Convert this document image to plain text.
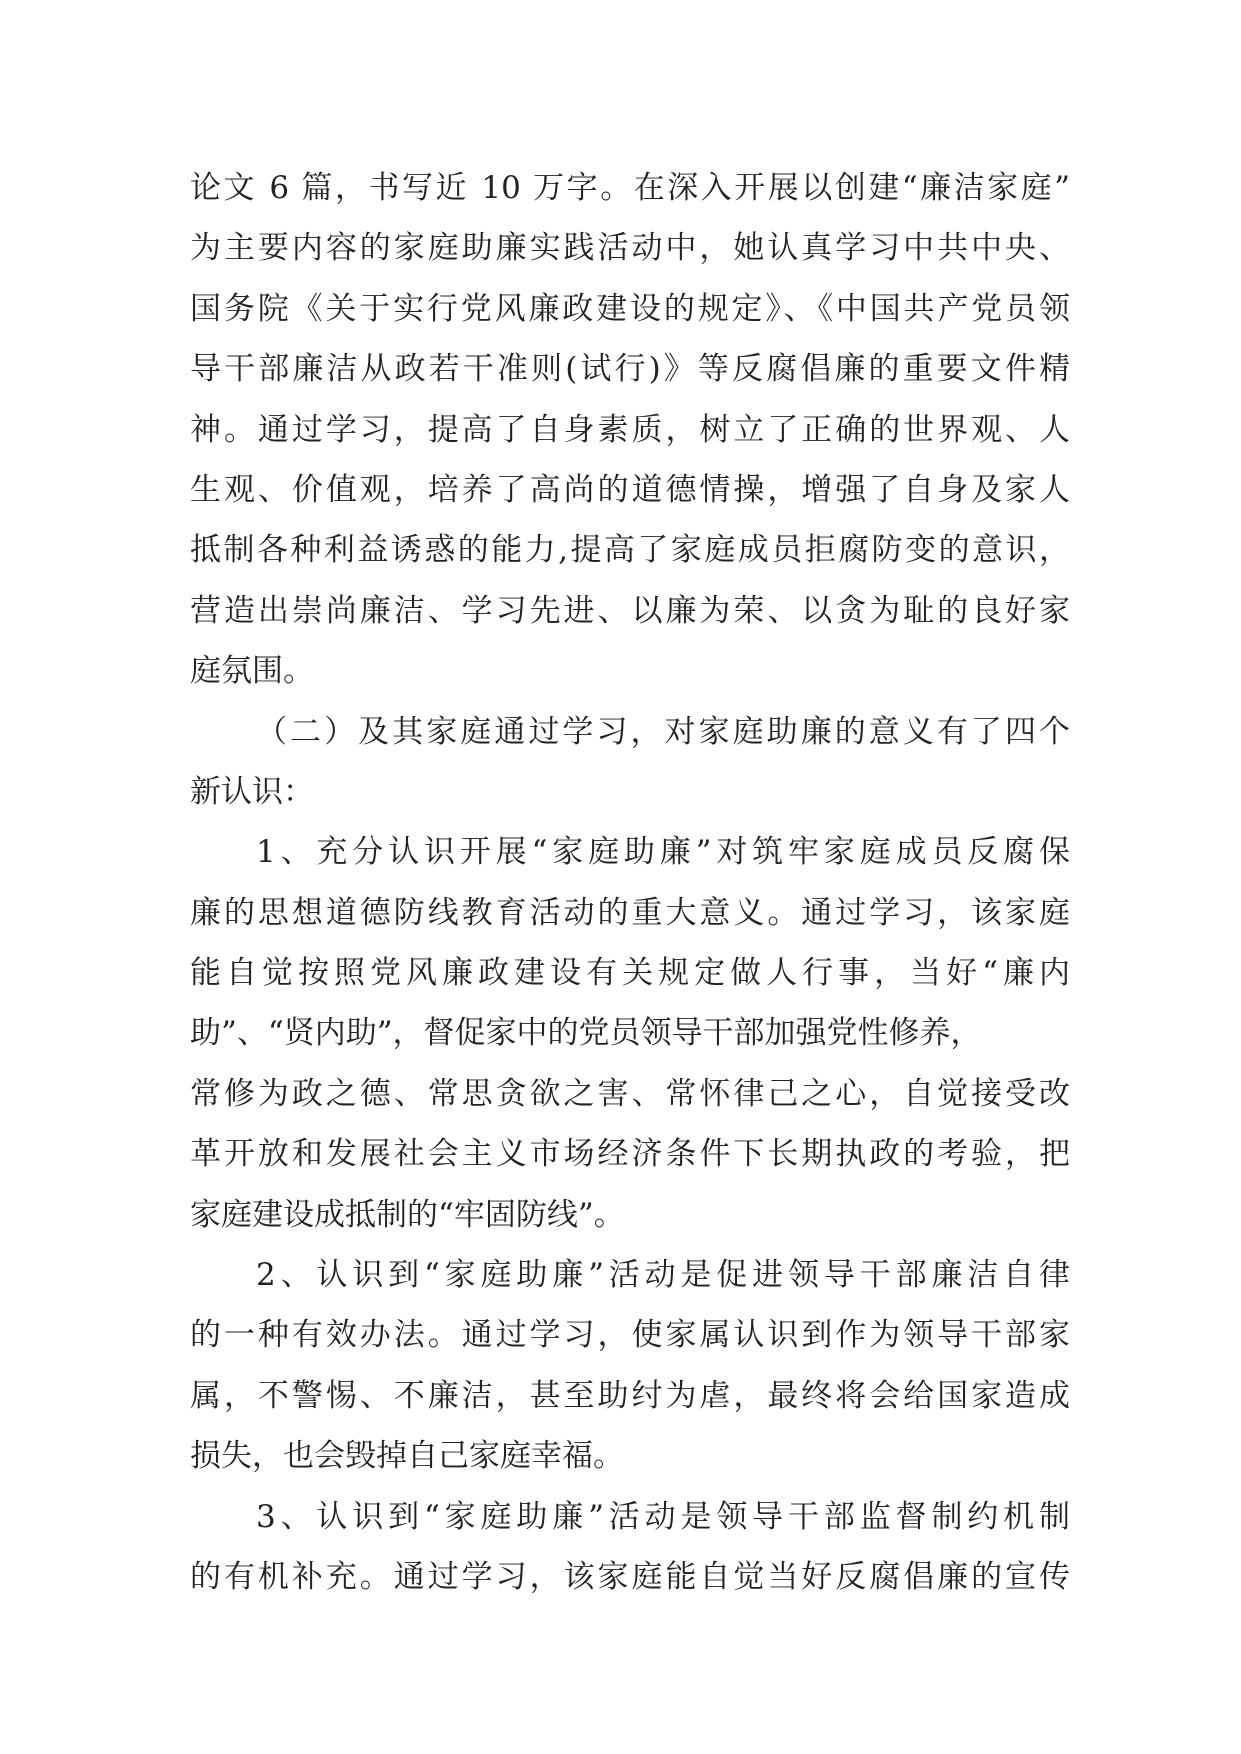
论文 6 篇，书写近 10 万字。在深入开展以创建“廉洁家庭”
为主要内容的家庭助廉实践活动中，她认真学习中共中央、
国务院《关于实行党风廉政建设的规定》、《中国共产党员领
导干部廉洁从政若干准则(试行)》等反腐倡廉的重要文件精
神。通过学习，提高了自身素质，树立了正确的世界观、人
生观、价值观，培养了高尚的道德情操，增强了自身及家人
抵制各种利益诱惑的能力,提高了家庭成员拒腐防变的意识，
营造出崇尚廉洁、学习先进、以廉为荣、以贪为耻的良好家
庭氛围。
（二）及其家庭通过学习，对家庭助廉的意义有了四个
新认识：
1、充分认识开展“家庭助廉”对筑牢家庭成员反腐保
廉的思想道德防线教育活动的重大意义。通过学习，该家庭
能自觉按照党风廉政建设有关规定做人行事，当好“廉内
助”、“贤内助”，督促家中的党员领导干部加强党性修养，
常修为政之德、常思贪欲之害、常怀律己之心，自觉接受改
革开放和发展社会主义市场经济条件下长期执政的考验，把
家庭建设成抵制的“牢固防线”。
2、认识到“家庭助廉”活动是促进领导干部廉洁自律
的一种有效办法。通过学习，使家属认识到作为领导干部家
属，不警惕、不廉洁，甚至助纣为虐，最终将会给国家造成
损失，也会毁掉自己家庭幸福。
3、认识到“家庭助廉”活动是领导干部监督制约机制
的有机补充。通过学习，该家庭能自觉当好反腐倡廉的宣传
